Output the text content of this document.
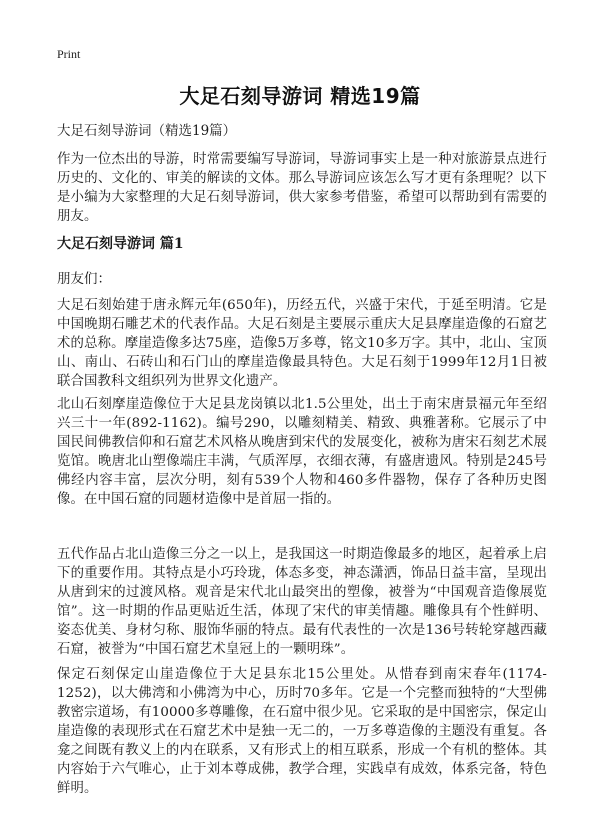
Print
大足石刻导游词 精选19篇
大足石刻导游词（精选19篇）
作为一位杰出的导游，时常需要编写导游词，导游词事实上是一种对旅游景点进行历史的、文化的、审美的解读的文体。那么导游词应该怎么写才更有条理呢？以下是小编为大家整理的大足石刻导游词，供大家参考借鉴，希望可以帮助到有需要的朋友。
大足石刻导游词 篇1
朋友们：
大足石刻始建于唐永辉元年(650年)，历经五代，兴盛于宋代，于延至明清。它是中国晚期石雕艺术的代表作品。大足石刻是主要展示重庆大足县摩崖造像的石窟艺术的总称。摩崖造像多达75座，造像5万多尊，铭文10多万字。其中，北山、宝顶山、南山、石砖山和石门山的摩崖造像最具特色。大足石刻于1999年12月1日被联合国教科文组织列为世界文化遗产。
北山石刻摩崖造像位于大足县龙岗镇以北1.5公里处，出土于南宋唐景福元年至绍兴三十一年(892-1162)。编号290，以雕刻精美、精致、典雅著称。它展示了中国民间佛教信仰和石窟艺术风格从晚唐到宋代的发展变化，被称为唐宋石刻艺术展览馆。晚唐北山塑像端庄丰满，气质浑厚，衣细衣薄，有盛唐遗风。特别是245号佛经内容丰富，层次分明，刻有539个人物和460多件器物，保存了各种历史图像。在中国石窟的同题材造像中是首屈一指的。
五代作品占北山造像三分之一以上，是我国这一时期造像最多的地区，起着承上启下的重要作用。其特点是小巧玲珑，体态多变，神态潇洒，饰品日益丰富，呈现出从唐到宋的过渡风格。观音是宋代北山最突出的塑像，被誉为“中国观音造像展览馆”。这一时期的作品更贴近生活，体现了宋代的审美情趣。雕像具有个性鲜明、姿态优美、身材匀称、服饰华丽的特点。最有代表性的一次是136号转轮穿越西藏石窟，被誉为“中国石窟艺术皇冠上的一颗明珠”。
保定石刻保定山崖造像位于大足县东北15公里处。从惜春到南宋春年(1174-1252)，以大佛湾和小佛湾为中心，历时70多年。它是一个完整而独特的“大型佛教密宗道场，有10000多尊雕像，在石窟中很少见。它采取的是中国密宗，保定山崖造像的表现形式在石窟艺术中是独一无二的，一万多尊造像的主题没有重复。各龛之间既有教义上的内在联系，又有形式上的相互联系，形成一个有机的整体。其内容始于六气唯心，止于刘本尊成佛，教学合理，实践卓有成效，体系完备，特色鲜明。
